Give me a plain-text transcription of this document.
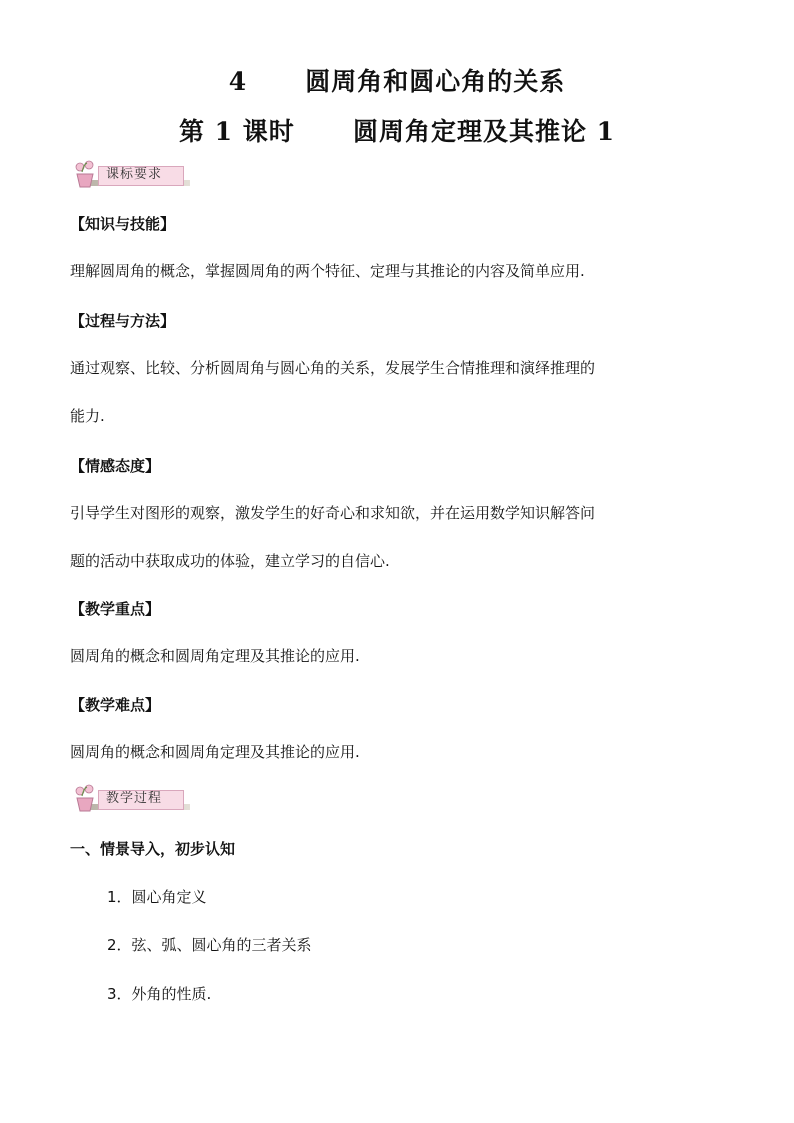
4      圆周角和圆心角的关系
第 1 课时      圆周角定理及其推论 1
课标要求
【知识与技能】
理解圆周角的概念，掌握圆周角的两个特征、定理与其推论的内容及简单应用.
【过程与方法】
通过观察、比较、分析圆周角与圆心角的关系，发展学生合情推理和演绎推理的
能力.
【情感态度】
引导学生对图形的观察，激发学生的好奇心和求知欲，并在运用数学知识解答问
题的活动中获取成功的体验，建立学习的自信心.
【教学重点】
圆周角的概念和圆周角定理及其推论的应用.
【教学难点】
圆周角的概念和圆周角定理及其推论的应用.
教学过程
一、情景导入，初步认知
1．圆心角定义
2．弦、弧、圆心角的三者关系
3．外角的性质.
